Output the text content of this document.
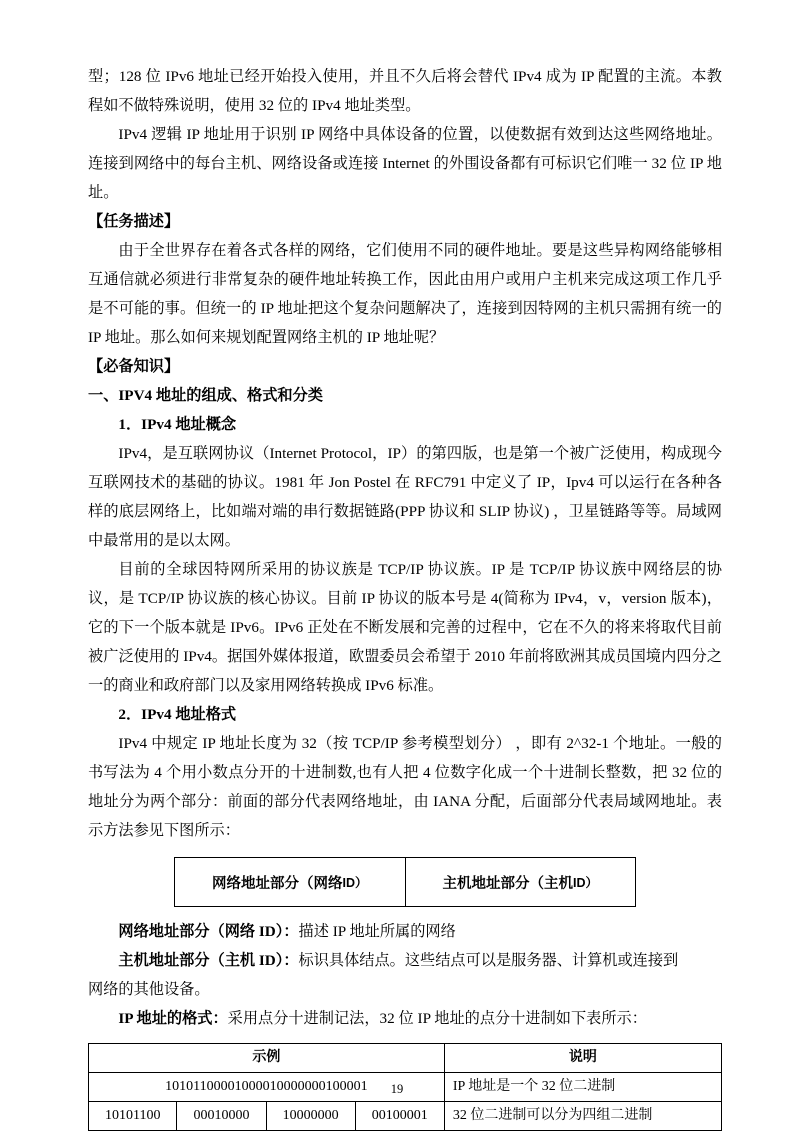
型；128 位 IPv6 地址已经开始投入使用，并且不久后将会替代 IPv4 成为 IP 配置的主流。本教程如不做特殊说明，使用 32 位的 IPv4 地址类型。

IPv4 逻辑 IP 地址用于识别 IP 网络中具体设备的位置，以使数据有效到达这些网络地址。连接到网络中的每台主机、网络设备或连接 Internet 的外围设备都有可标识它们唯一 32 位 IP 地址。

【任务描述】

由于全世界存在着各式各样的网络，它们使用不同的硬件地址。要是这些异构网络能够相互通信就必须进行非常复杂的硬件地址转换工作，因此由用户或用户主机来完成这项工作几乎是不可能的事。但统一的 IP 地址把这个复杂问题解决了，连接到因特网的主机只需拥有统一的 IP 地址。那么如何来规划配置网络主机的 IP 地址呢？

【必备知识】

一、IPV4 地址的组成、格式和分类

1．IPv4 地址概念

IPv4，是互联网协议（Internet Protocol，IP）的第四版，也是第一个被广泛使用，构成现今互联网技术的基础的协议。1981 年 Jon Postel 在 RFC791 中定义了 IP，Ipv4 可以运行在各种各样的底层网络上，比如端对端的串行数据链路(PPP 协议和 SLIP 协议) ，卫星链路等等。局域网中最常用的是以太网。

目前的全球因特网所采用的协议族是 TCP/IP 协议族。IP 是 TCP/IP 协议族中网络层的协议，是 TCP/IP 协议族的核心协议。目前 IP 协议的版本号是 4(简称为 IPv4，v，version 版本)，它的下一个版本就是 IPv6。IPv6 正处在不断发展和完善的过程中，它在不久的将来将取代目前被广泛使用的 IPv4。据国外媒体报道，欧盟委员会希望于 2010 年前将欧洲其成员国境内四分之一的商业和政府部门以及家用网络转换成 IPv6 标准。

2．IPv4 地址格式

IPv4 中规定 IP 地址长度为 32（按 TCP/IP 参考模型划分） ，即有 2^32-1 个地址。一般的书写法为 4 个用小数点分开的十进制数,也有人把 4 位数字化成一个十进制长整数，把 32 位的地址分为两个部分：前面的部分代表网络地址，由 IANA 分配，后面部分代表局域网地址。表示方法参见下图所示：

网络地址部分（网络 ID）	主机地址部分（主机 ID）

网络地址部分（网络 ID）：描述 IP 地址所属的网络

主机地址部分（主机 ID）：标识具体结点。这些结点可以是服务器、计算机或连接到

网络的其他设备。

IP 地址的格式：采用点分十进制记法，32 位 IP 地址的点分十进制如下表所示：

示例				说明
10101100001000010000000100001				IP 地址是一个 32 位二进制
10101100	00010000	10000000	00100001	32 位二进制可以分为四组二进制
19
